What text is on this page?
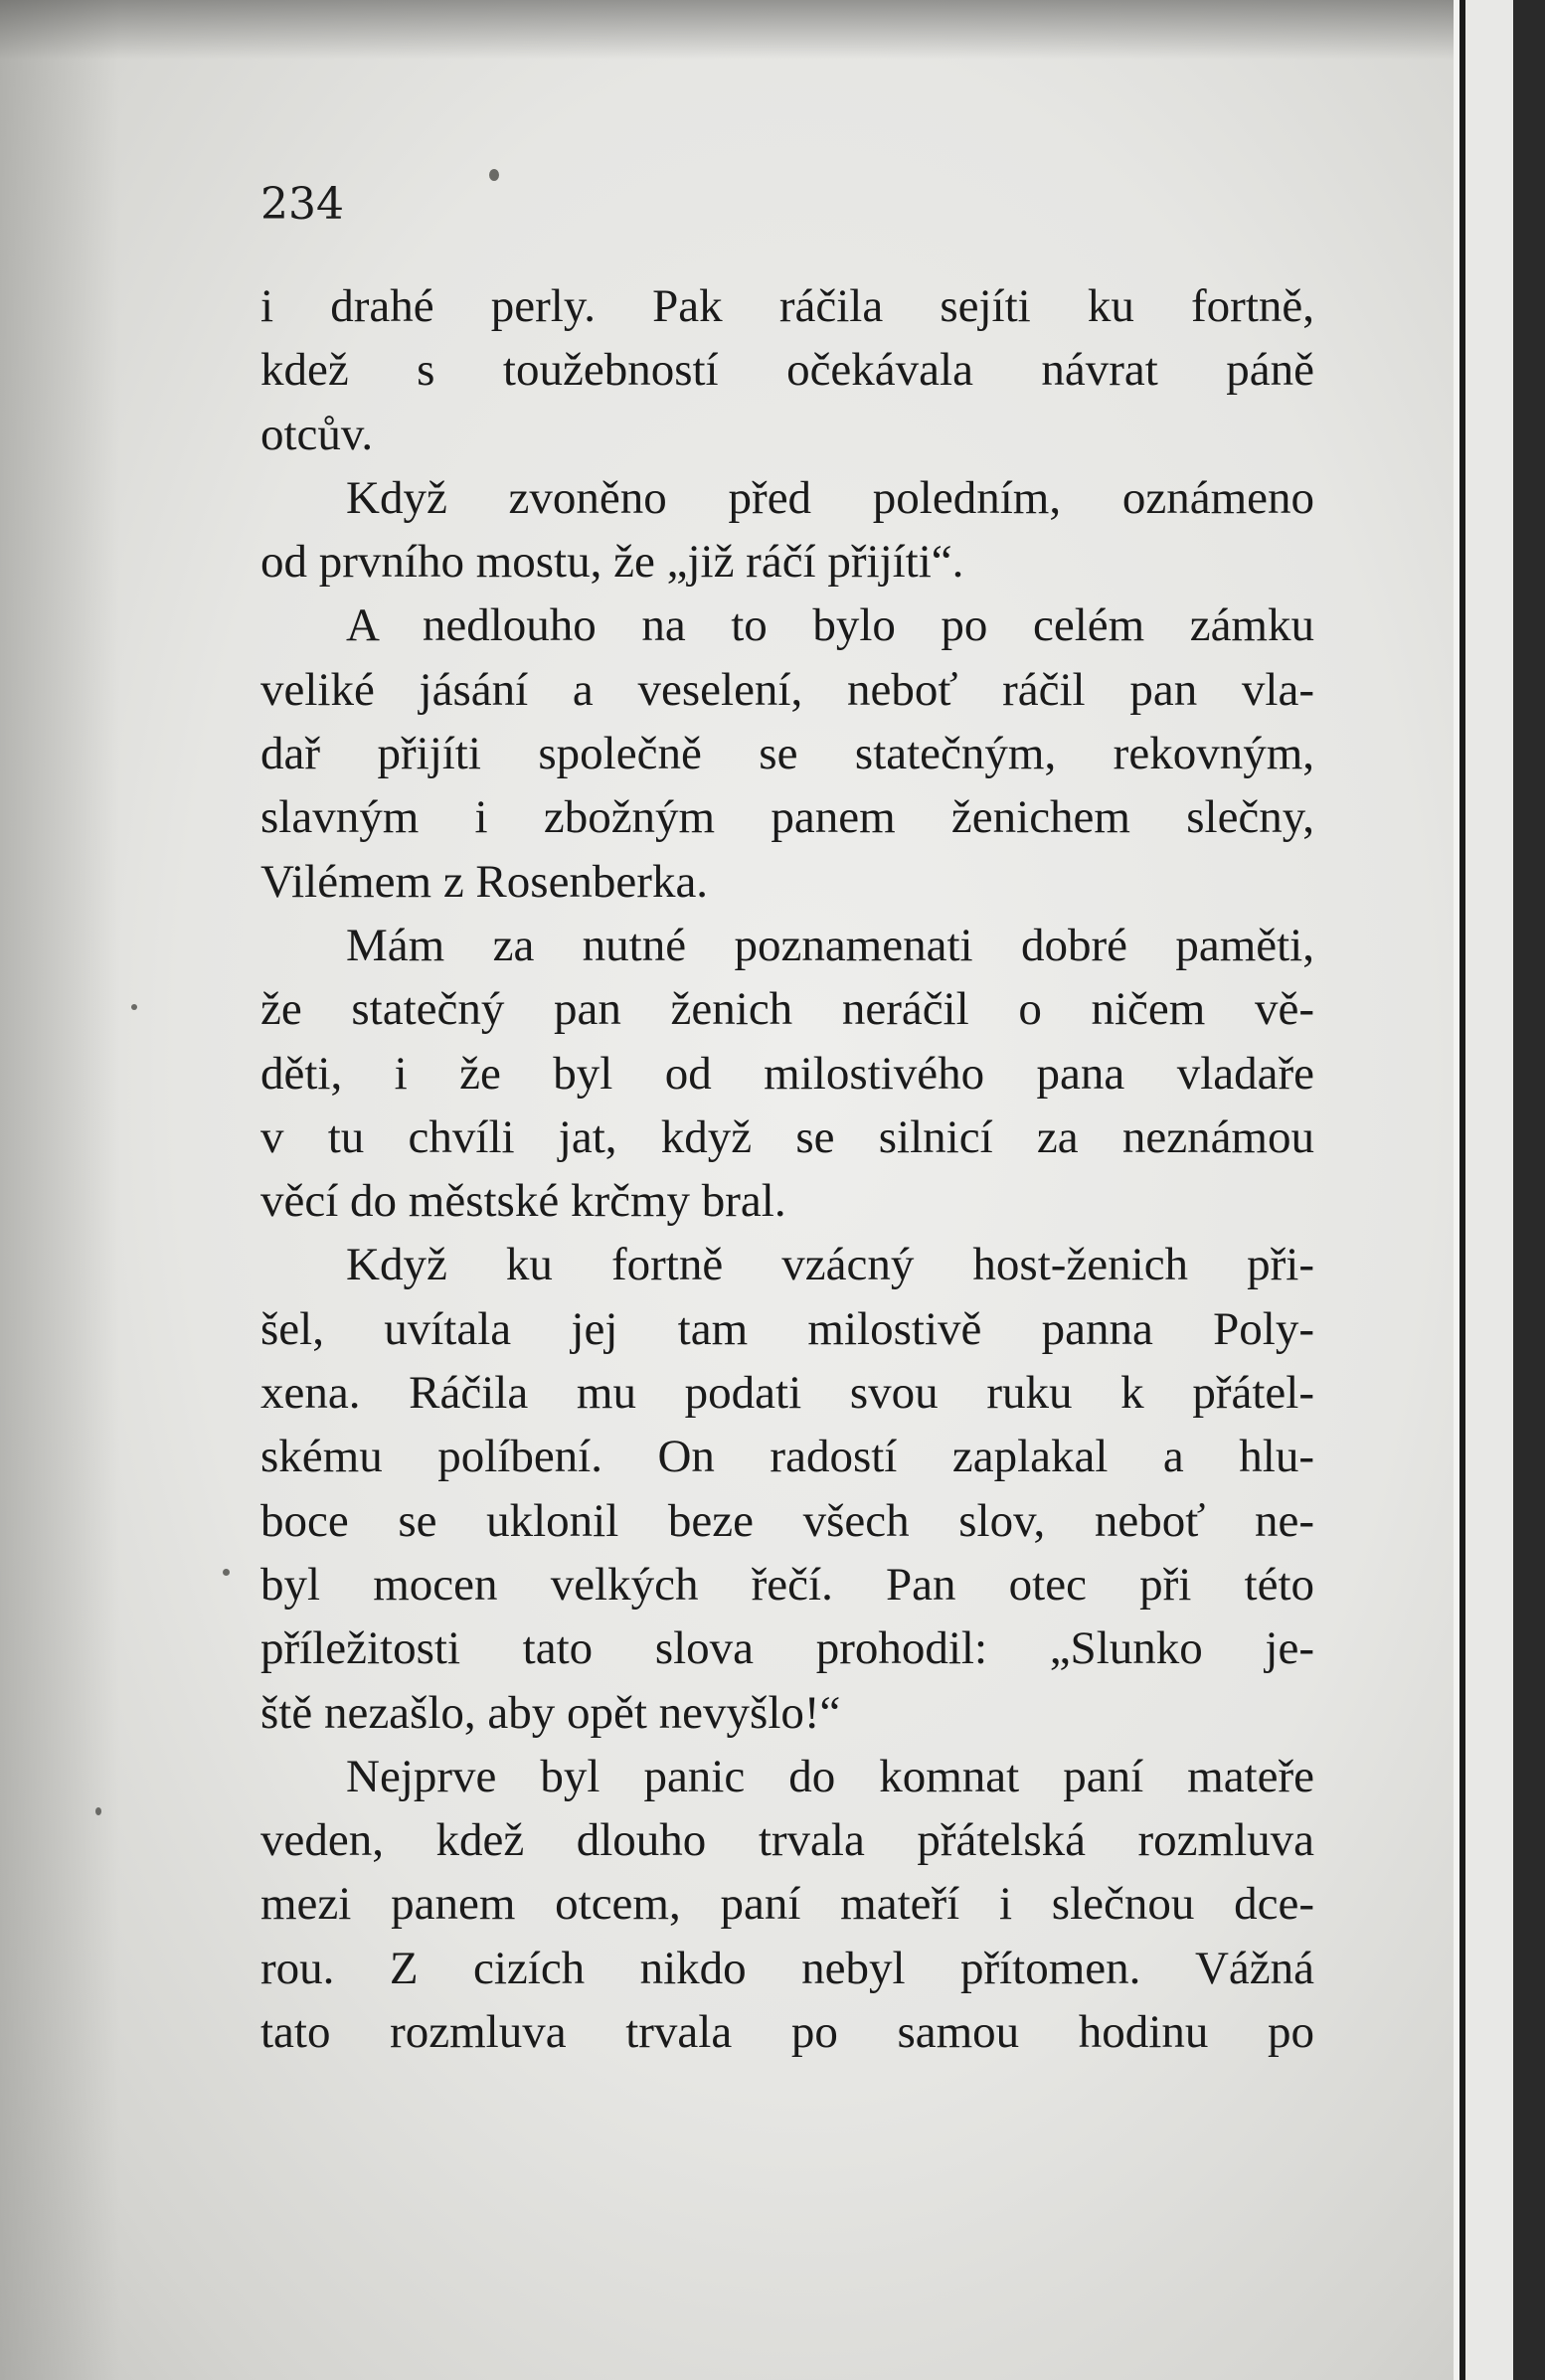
234

i drahé perly. Pak ráčila sejíti ku fortně,
kdež s toužebností očekávala návrat páně
otcův.
Když zvoněno před poledním, oznámeno
od prvního mostu, že „již ráčí přijíti“.
A nedlouho na to bylo po celém zámku
veliké jásání a veselení, neboť ráčil pan vla-
dař přijíti společně se statečným, rekovným,
slavným i zbožným panem ženichem slečny,
Vilémem z Rosenberka.
Mám za nutné poznamenati dobré paměti,
že statečný pan ženich neráčil o ničem vě-
děti, i že byl od milostivého pana vladaře
v tu chvíli jat, když se silnicí za neznámou
věcí do městské krčmy bral.
Když ku fortně vzácný host-ženich při-
šel, uvítala jej tam milostivě panna Poly-
xena. Ráčila mu podati svou ruku k přátel-
skému políbení. On radostí zaplakal a hlu-
boce se uklonil beze všech slov, neboť ne-
byl mocen velkých řečí. Pan otec při této
příležitosti tato slova prohodil: „Slunko je-
ště nezašlo, aby opět nevyšlo!“
Nejprve byl panic do komnat paní mateře
veden, kdež dlouho trvala přátelská rozmluva
mezi panem otcem, paní mateří i slečnou dce-
rou. Z cizích nikdo nebyl přítomen. Vážná
tato rozmluva trvala po samou hodinu po
